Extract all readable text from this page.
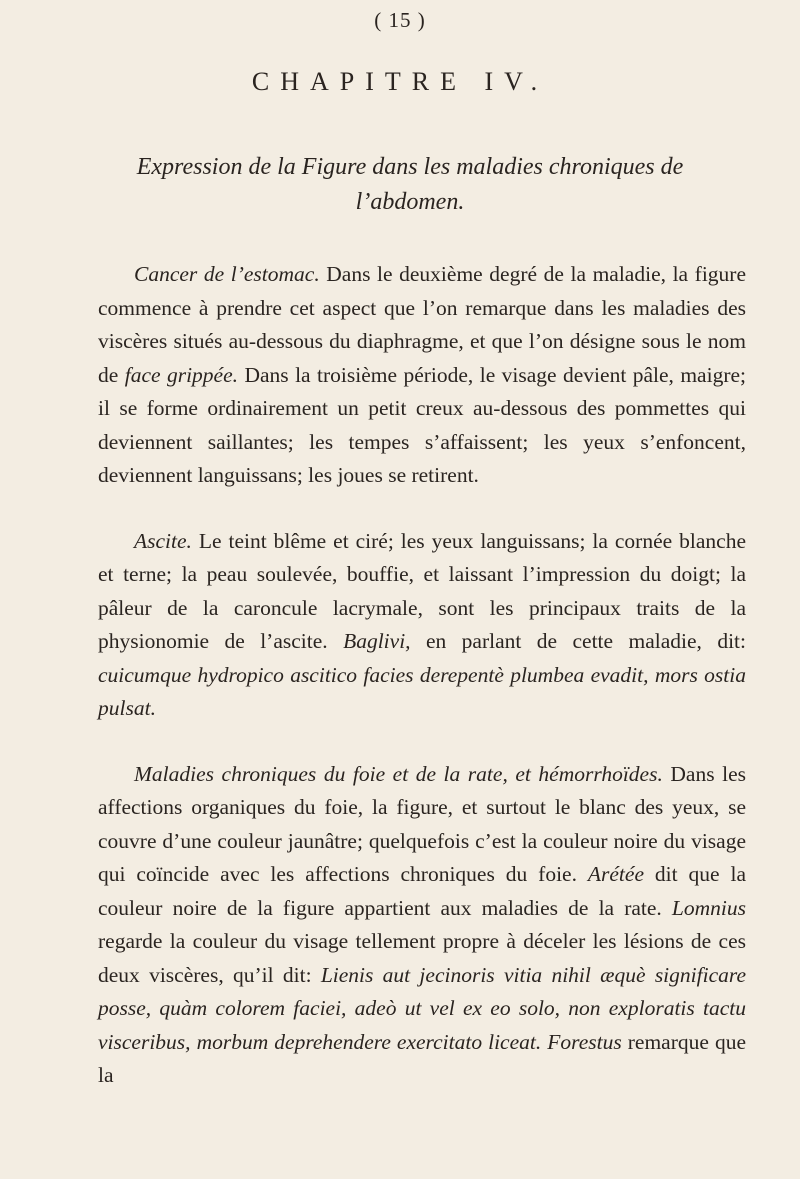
( 15 )
CHAPITRE IV.
Expression de la Figure dans les maladies chroniques de l’abdomen.

Cancer de l’estomac. Dans le deuxième degré de la maladie, la figure commence à prendre cet aspect que l’on remarque dans les maladies des viscères situés au-dessous du diaphragme, et que l’on désigne sous le nom de face grippée. Dans la troisième période, le visage devient pâle, maigre; il se forme ordinairement un petit creux au-dessous des pommettes qui deviennent saillantes; les tempes s’affaissent; les yeux s’enfoncent, deviennent languissans; les joues se retirent.

Ascite. Le teint blême et ciré; les yeux languissans; la cornée blanche et terne; la peau soulevée, bouffie, et laissant l’impression du doigt; la pâleur de la caroncule lacrymale, sont les principaux traits de la physionomie de l’ascite. Baglivi, en parlant de cette maladie, dit: cuicumque hydropico ascitico facies derepentè plumbea evadit, mors ostia pulsat.

Maladies chroniques du foie et de la rate, et hémorrhoïdes. Dans les affections organiques du foie, la figure, et surtout le blanc des yeux, se couvre d’une couleur jaunâtre; quelquefois c’est la couleur noire du visage qui coïncide avec les affections chroniques du foie. Arétée dit que la couleur noire de la figure appartient aux maladies de la rate. Lomnius regarde la couleur du visage tellement propre à déceler les lésions de ces deux viscères, qu’il dit: Lienis aut jecinoris vitia nihil æquè significare posse, quàm colorem faciei, adeò ut vel ex eo solo, non exploratis tactu visceribus, morbum deprehendere exercitato liceat. Forestus remarque que la
